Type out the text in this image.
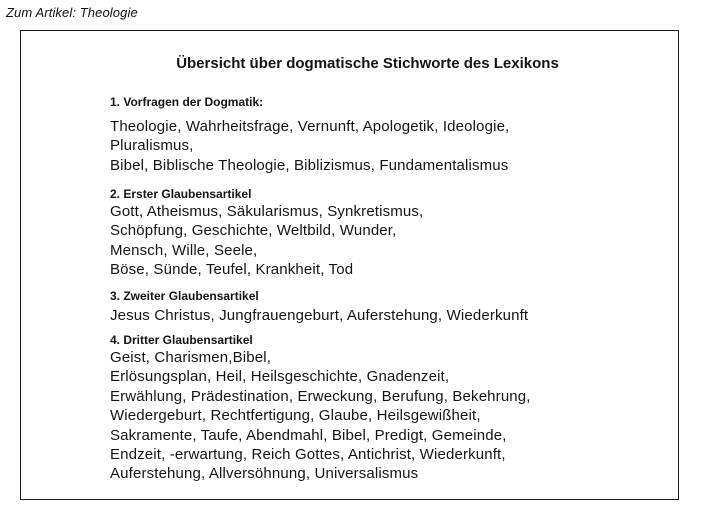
Zum Artikel: Theologie
Übersicht über dogmatische Stichworte des Lexikons
1. Vorfragen der Dogmatik:
Theologie, Wahrheitsfrage, Vernunft, Apologetik, Ideologie,
Pluralismus,
Bibel, Biblische Theologie, Biblizismus, Fundamentalismus
2. Erster Glaubensartikel
Gott, Atheismus, Säkularismus, Synkretismus,
Schöpfung, Geschichte, Weltbild, Wunder,
Mensch, Wille, Seele,
Böse, Sünde, Teufel, Krankheit, Tod
3. Zweiter Glaubensartikel
Jesus Christus, Jungfrauengeburt, Auferstehung, Wiederkunft
4. Dritter Glaubensartikel
Geist, Charismen,Bibel,
Erlösungsplan, Heil, Heilsgeschichte, Gnadenzeit,
Erwählung, Prädestination, Erweckung, Berufung, Bekehrung,
Wiedergeburt, Rechtfertigung, Glaube, Heilsgewißheit,
Sakramente, Taufe, Abendmahl, Bibel, Predigt, Gemeinde,
Endzeit, -erwartung, Reich Gottes, Antichrist, Wiederkunft,
Auferstehung, Allversöhnung, Universalismus
